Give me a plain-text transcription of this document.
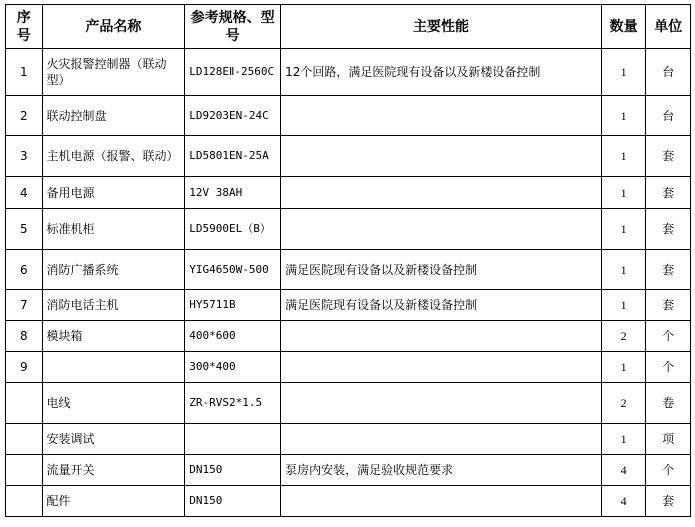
序号	产品名称	参考规格、型号	主要性能	数量	单位
1	火灾报警控制器（联动型）	LD128EⅡ-2560C	12个回路，满足医院现有设备以及新楼设备控制	1	台
2	联动控制盘	LD9203EN-24C		1	台
3	主机电源（报警、联动）	LD5801EN-25A		1	套
4	备用电源	12V 38AH		1	套
5	标准机柜	LD5900EL（B）		1	套
6	消防广播系统	YIG4650W-500	满足医院现有设备以及新楼设备控制	1	套
7	消防电话主机	HY5711B	满足医院现有设备以及新楼设备控制	1	套
8	模块箱	400*600		2	个
9		300*400		1	个
	电线	ZR-RVS2*1.5		2	卷
	安装调试			1	项
	流量开关	DN150	泵房内安装，满足验收规范要求	4	个
	配件	DN150		4	套
